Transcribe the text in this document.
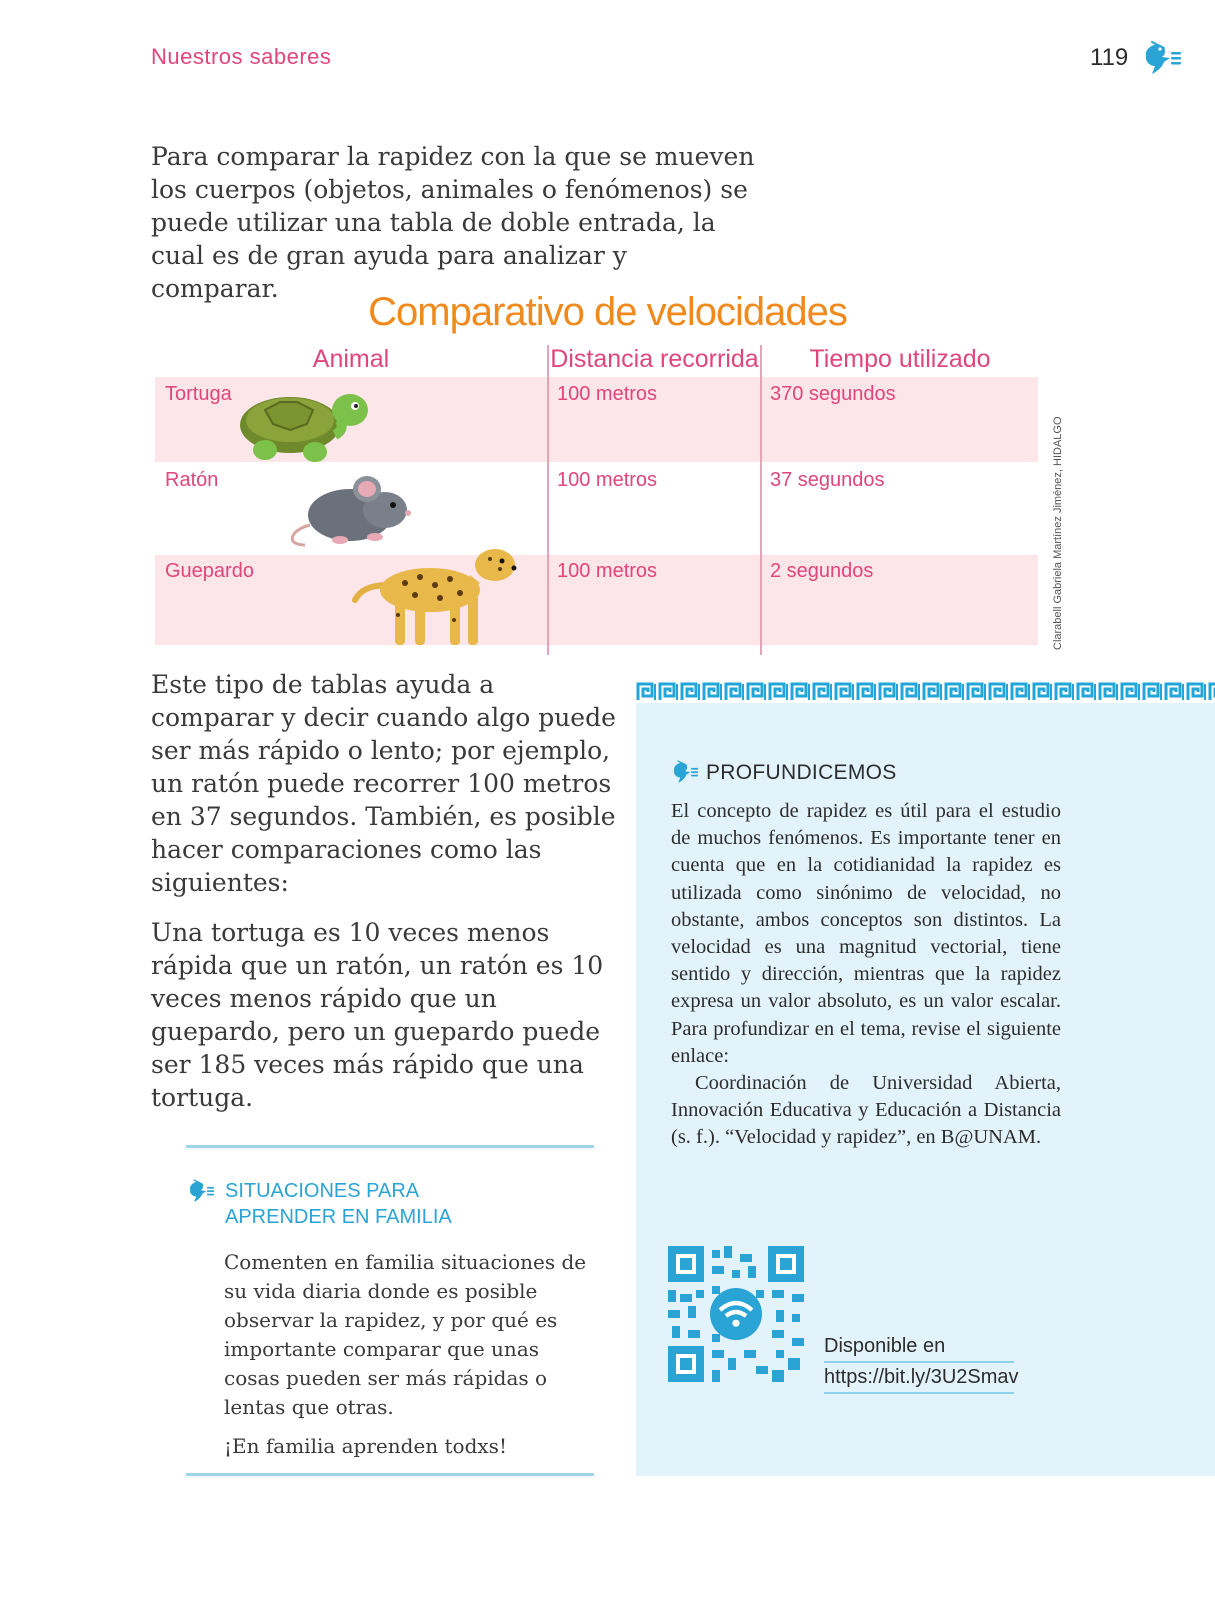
Nuestros saberes	119
Para comparar la rapidez con la que se mueven los cuerpos (objetos, animales o fenómenos) se puede utilizar una tabla de doble entrada, la cual es de gran ayuda para analizar y comparar.
Comparativo de velocidades
Animal	Distancia recorrida	Tiempo utilizado
Tortuga	100 metros	370 segundos
Ratón	100 metros	37 segundos
Guepardo	100 metros	2 segundos	Clarabell Gabriela Martínez Jiménez, HIDALGO
Este tipo de tablas ayuda a comparar y decir cuando algo puede ser más rápido o lento; por ejemplo, un ratón puede recorrer 100 metros en 37 segundos. También, es posible hacer comparaciones como las siguientes:
Una tortuga es 10 veces menos rápida que un ratón, un ratón es 10 veces menos rápido que un guepardo, pero un guepardo puede ser 185 veces más rápido que una tortuga.
SITUACIONES PARA
APRENDER EN FAMILIA
Comenten en familia situaciones de su vida diaria donde es posible observar la rapidez, y por qué es importante comparar que unas cosas pueden ser más rápidas o lentas que otras.
¡En familia aprenden todxs!
PROFUNDICEMOS

El concepto de rapidez es útil para el estudio de muchos fenómenos. Es importante tener en cuenta que en la cotidianidad la rapidez es utilizada como sinónimo de velocidad, no obstante, ambos conceptos son distintos. La velocidad es una magnitud vectorial, tiene sentido y dirección, mientras que la rapidez expresa un valor absoluto, es un valor escalar. Para profundizar en el tema, revise el siguiente enlace:

Coordinación de Universidad Abierta, Innovación Educativa y Educación a Distancia (s. f.). “Velocidad y rapidez”, en B@UNAM.

Disponible en
https://bit.ly/3U2Smav
